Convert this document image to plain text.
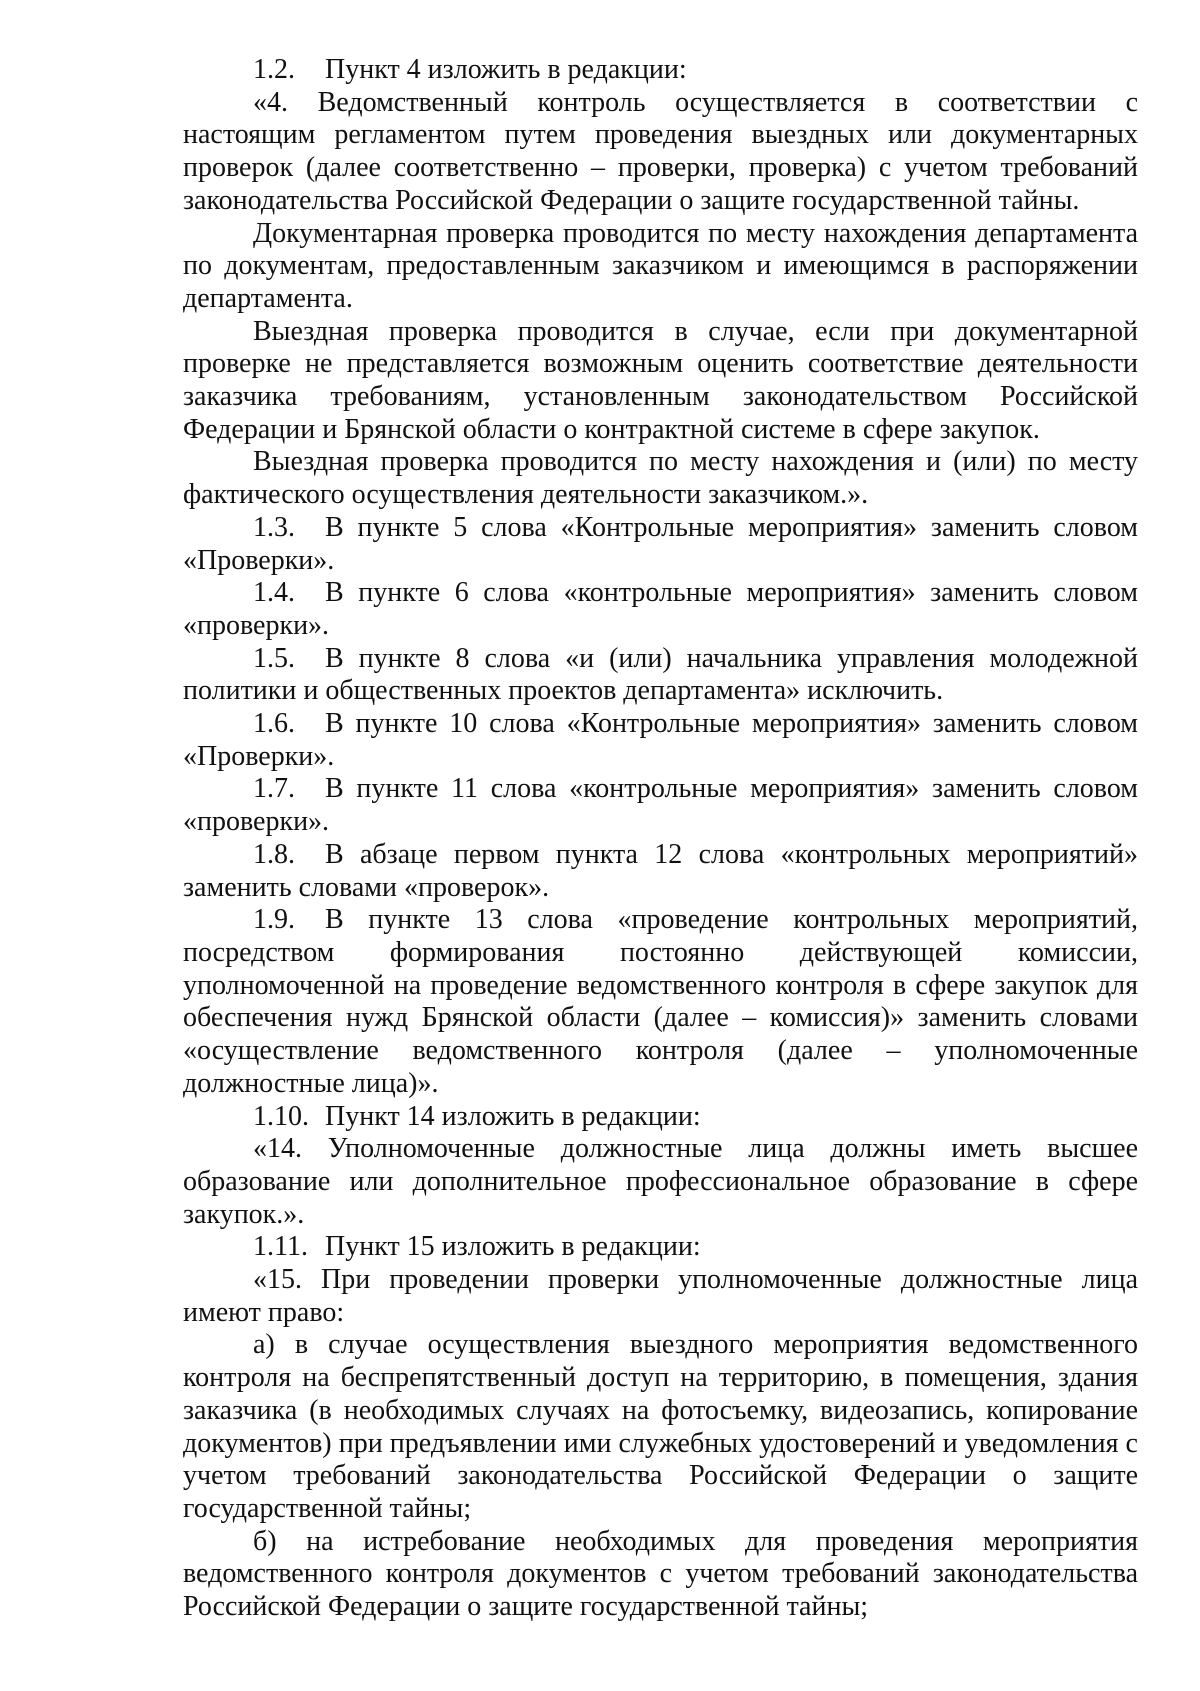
1.2. Пункт 4 изложить в редакции:

«4. Ведомственный контроль осуществляется в соответствии с настоящим регламентом путем проведения выездных или документарных проверок (далее соответственно – проверки, проверка) с учетом требований законодательства Российской Федерации о защите государственной тайны.

Документарная проверка проводится по месту нахождения департамента по документам, предоставленным заказчиком и имеющимся в распоряжении департамента.

Выездная проверка проводится в случае, если при документарной проверке не представляется возможным оценить соответствие деятельности заказчика требованиям, установленным законодательством Российской Федерации и Брянской области о контрактной системе в сфере закупок.

Выездная проверка проводится по месту нахождения и (или) по месту фактического осуществления деятельности заказчиком.».

1.3. В пункте 5 слова «Контрольные мероприятия» заменить словом «Проверки».

1.4. В пункте 6 слова «контрольные мероприятия» заменить словом «проверки».

1.5. В пункте 8 слова «и (или) начальника управления молодежной политики и общественных проектов департамента» исключить.

1.6. В пункте 10 слова «Контрольные мероприятия» заменить словом «Проверки».

1.7. В пункте 11 слова «контрольные мероприятия» заменить словом «проверки».

1.8. В абзаце первом пункта 12 слова «контрольных мероприятий» заменить словами «проверок».

1.9. В пункте 13 слова «проведение контрольных мероприятий, посредством формирования постоянно действующей комиссии, уполномоченной на проведение ведомственного контроля в сфере закупок для обеспечения нужд Брянской области (далее – комиссия)» заменить словами «осуществление ведомственного контроля (далее – уполномоченные должностные лица)».

1.10. Пункт 14 изложить в редакции:

«14. Уполномоченные должностные лица должны иметь высшее образование или дополнительное профессиональное образование в сфере закупок.».

1.11. Пункт 15 изложить в редакции:

«15. При проведении проверки уполномоченные должностные лица имеют право:

а) в случае осуществления выездного мероприятия ведомственного контроля на беспрепятственный доступ на территорию, в помещения, здания заказчика (в необходимых случаях на фотосъемку, видеозапись, копирование документов) при предъявлении ими служебных удостоверений и уведомления с учетом требований законодательства Российской Федерации о защите государственной тайны;

б) на истребование необходимых для проведения мероприятия ведомственного контроля документов с учетом требований законодательства Российской Федерации о защите государственной тайны;
